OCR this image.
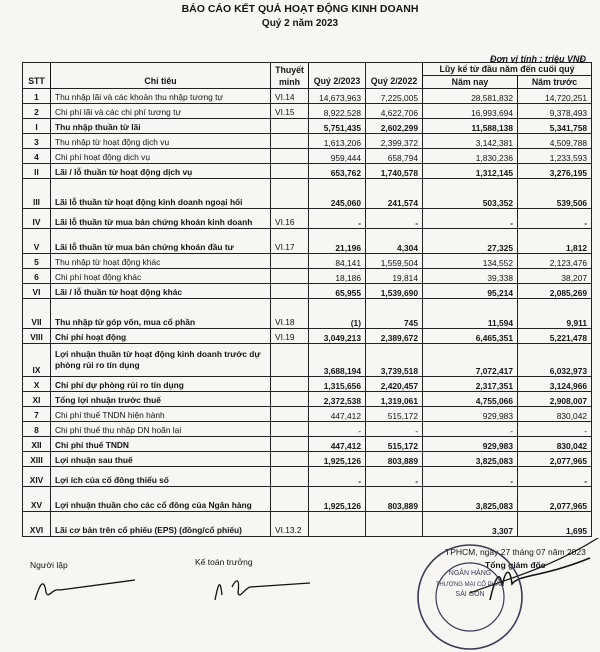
BÁO CÁO KẾT QUẢ HOẠT ĐỘNG KINH DOANH
Quý 2 năm 2023
Đơn vị tính : triệu VNĐ
STT	Chỉ tiêu	Thuyết minh	Quý 2/2023	Quý 2/2022	Lũy kế từ đầu năm đến cuối quý	
					Năm nay	Năm trước
1	Thu nhập lãi và các khoản thu nhập tương tự	VI.14	14,673,963	7,225,005	28,581,832	14,720,251
2	Chi phí lãi và các chi phí tương tự	VI.15	8,922,528	4,622,706	16,993,694	9,378,493
I	Thu nhập thuần từ lãi		5,751,435	2,602,299	11,588,138	5,341,758
3	Thu nhập từ hoạt động dịch vụ		1,613,206	2,399,372	3,142,381	4,509,788
4	Chi phí hoạt động dịch vụ		959,444	658,794	1,830,236	1,233,593
II	Lãi / lỗ thuần từ hoạt động dịch vụ		653,762	1,740,578	1,312,145	3,276,195
III	Lãi lỗ thuần từ hoạt động kinh doanh ngoại hối		245,060	241,574	503,352	539,506
IV	Lãi lỗ thuần từ mua bán chứng khoán kinh doanh	VI.16	-	-	-	-
V	Lãi lỗ thuần từ mua bán chứng khoán đầu tư	VI.17	21,196	4,304	27,325	1,812
5	Thu nhập từ hoạt động khác		84,141	1,559,504	134,552	2,123,476
6	Chi phí hoạt động khác		18,186	19,814	39,338	38,207
VI	Lãi / lỗ thuần từ hoạt động khác		65,955	1,539,690	95,214	2,085,269
VII	Thu nhập từ góp vốn, mua cổ phần	VI.18	(1)	745	11,594	9,911
VIII	Chi phí hoạt động	VI.19	3,049,213	2,389,672	6,465,351	5,221,478
IX	Lợi nhuận thuần từ hoạt động kinh doanh trước dự phòng rủi ro tín dụng		3,688,194	3,739,518	7,072,417	6,032,973
X	Chi phí dự phòng rủi ro tín dụng		1,315,656	2,420,457	2,317,351	3,124,966
XI	Tổng lợi nhuận trước thuế		2,372,538	1,319,061	4,755,066	2,908,007
7	Chi phí thuế TNDN hiện hành		447,412	515,172	929,983	830,042
8	Chi phí thuế thu nhập DN hoãn lại		-	-	-	-
XII	Chi phí thuế TNDN		447,412	515,172	929,983	830,042
XIII	Lợi nhuận sau thuế		1,925,126	803,889	3,825,083	2,077,965
XIV	Lợi ích của cổ đông thiểu số		-	-	-	-
XV	Lợi nhuận thuần cho các cổ đông của Ngân hàng		1,925,126	803,889	3,825,083	2,077,965
XVI	Lãi cơ bản trên cổ phiếu (EPS) (đồng/cổ phiếu)	VI.13.2			3,307	1,695
TPHCM, ngày 27 tháng 07 năm 2023
Tổng giám đốc
Người lập	Kế toán trưởng
NGÂN HÀNG
THƯƠNG MẠI CỔ PHẦN
SÀI GÒN
